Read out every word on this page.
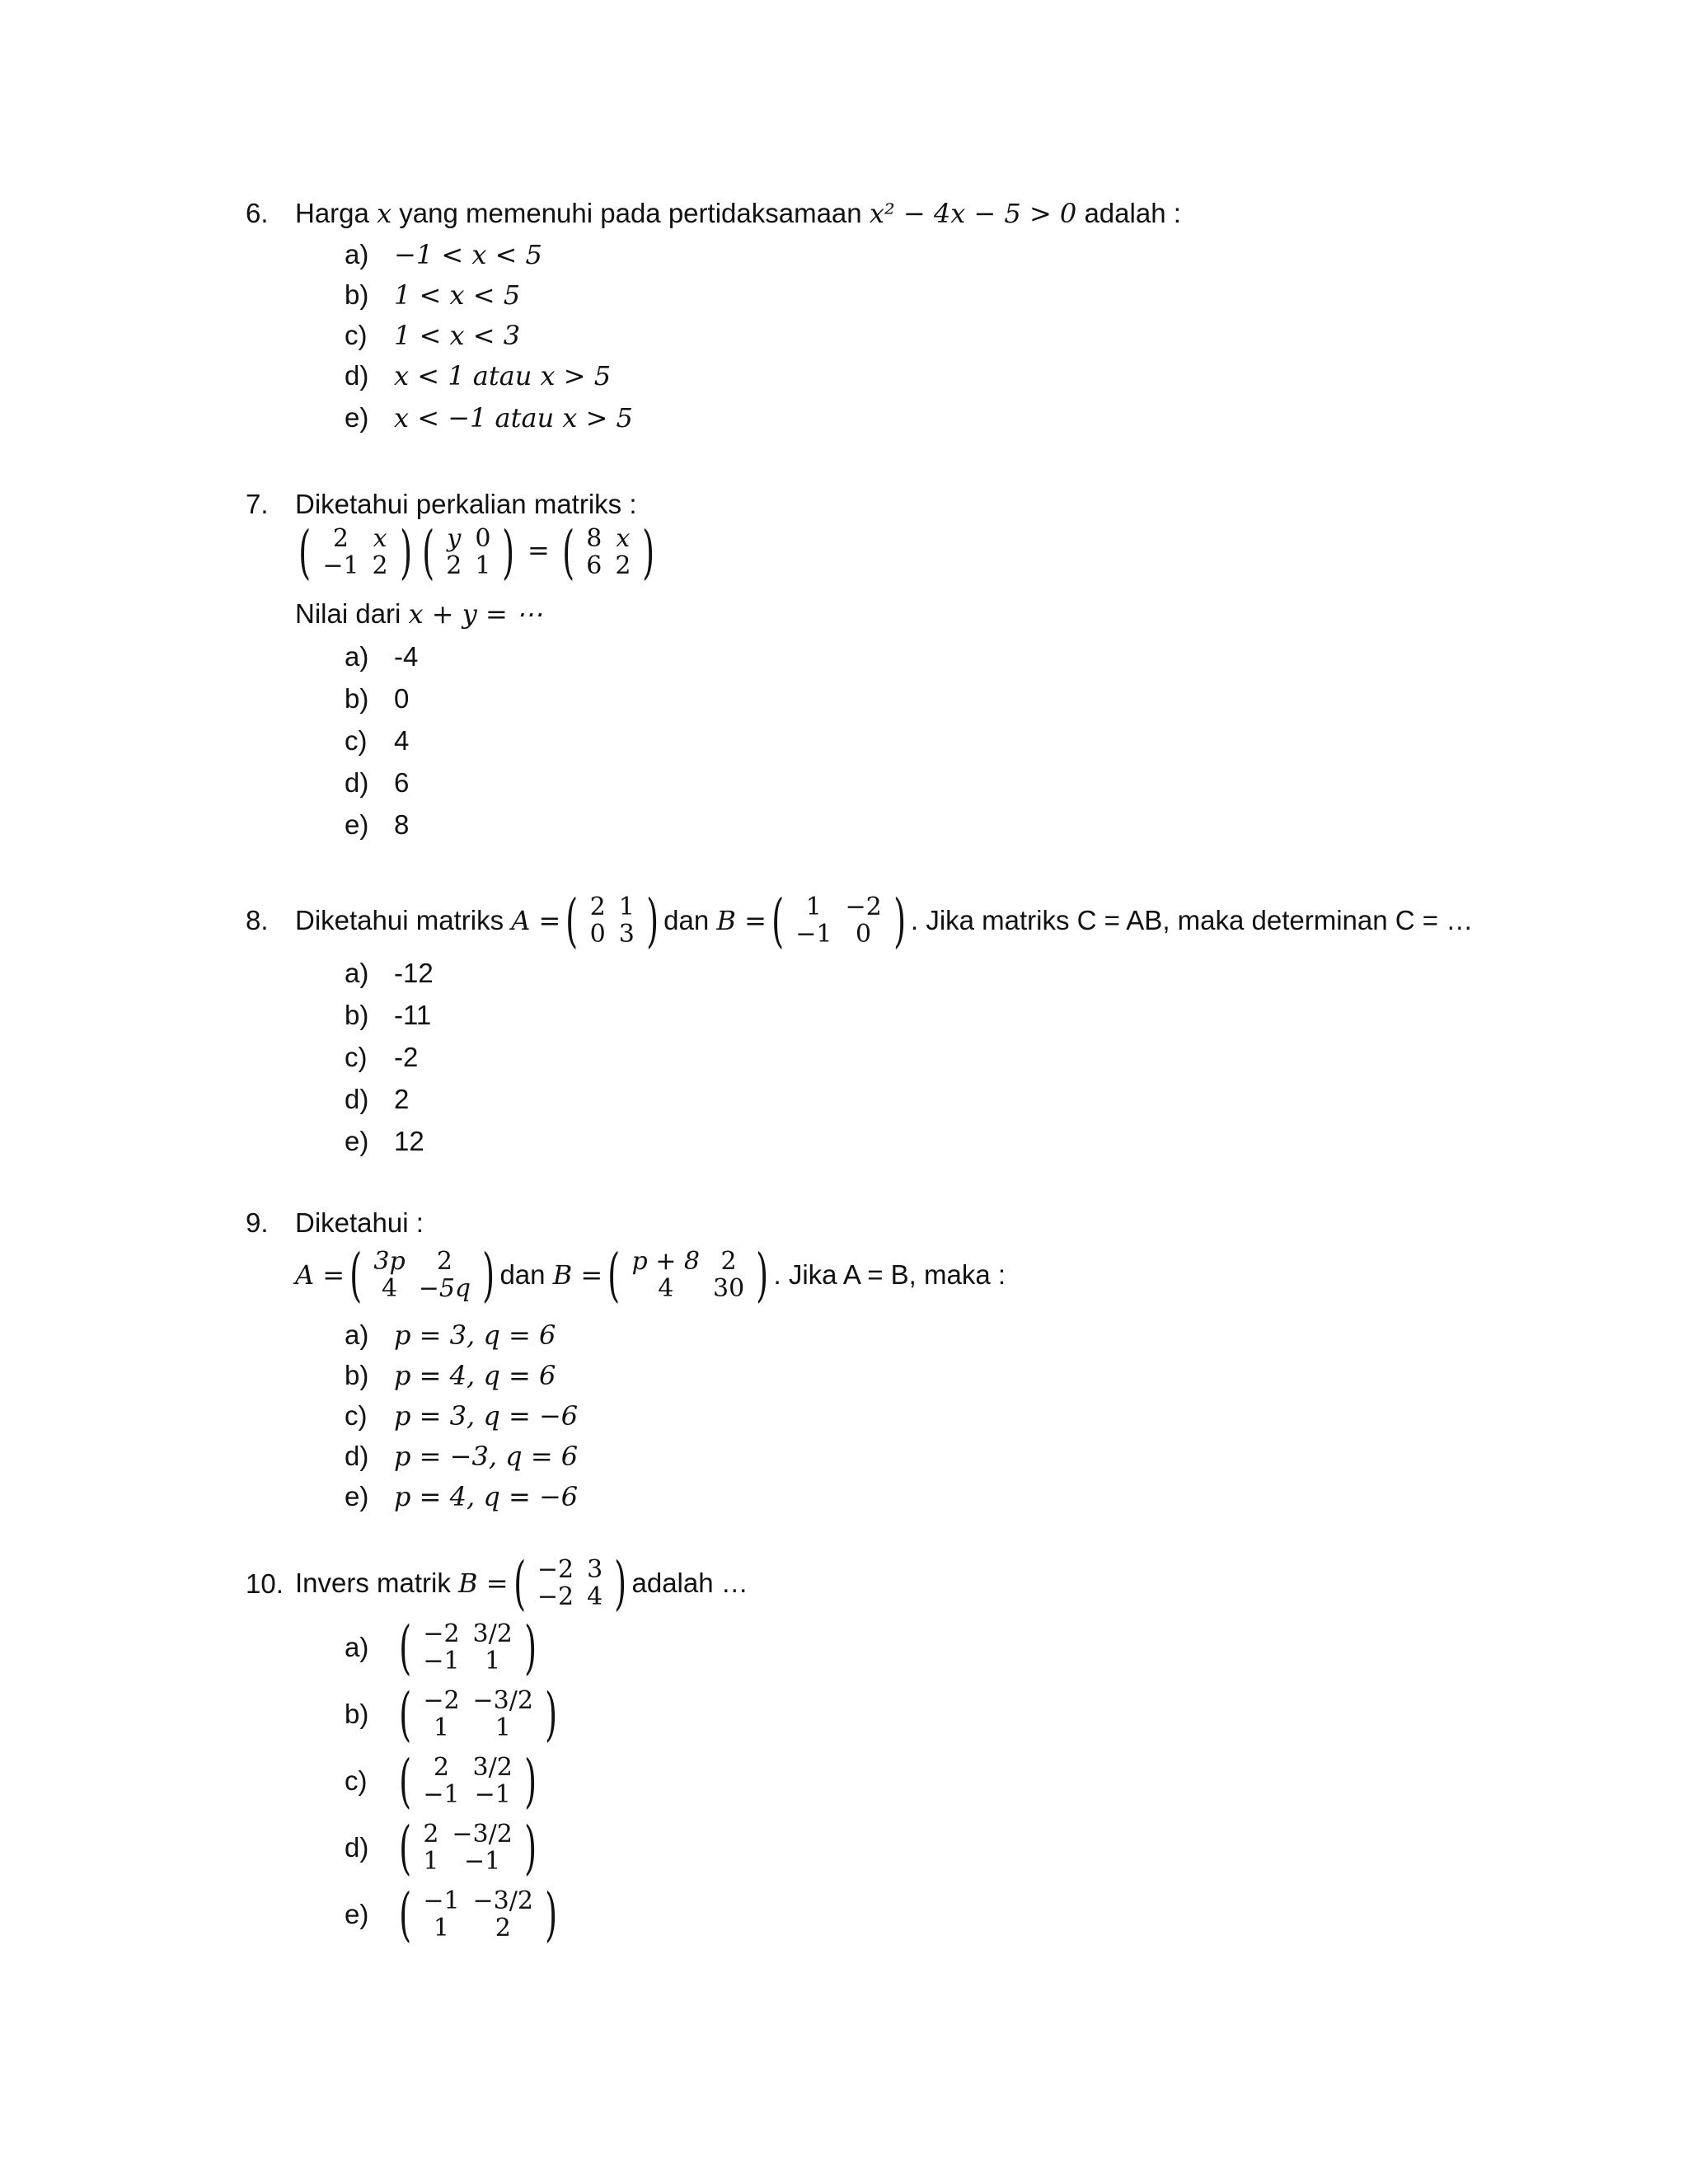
6. Harga x yang memenuhi pada pertidaksamaan x² − 4x − 5 > 0 adalah :
a) −1 < x < 5
b) 1 < x < 5
c) 1 < x < 3
d) x < 1 atau x > 5
e) x < −1 atau x > 5
7. Diketahui perkalian matriks :
( 2	x
−1	2 ) ( y	0
2	1 ) = ( 8	x
6	2 )
Nilai dari x + y = ⋯
a) -4
b) 0
c) 4
d) 6
e) 8
8. Diketahui matriks
A = ( 2	1
0	3 ) dan
B = ( 1	−2
−1	0 ) . Jika matriks C = AB, maka determinan C = …
a) -12
b) -11
c) -2
d) 2
e) 12
9. Diketahui :
A = ( 3p	2
4	−5q ) dan
B = ( p + 8	2
4	30 ) . Jika A = B, maka :
a) p = 3, q = 6
b) p = 4, q = 6
c) p = 3, q = −6
d) p = −3, q = 6
e) p = 4, q = −6
10. Invers matrik
B = ( −2	3
−2	4 ) adalah …
a) ( −2	3/2
−1	1 )
b) ( −2	−3/2
1	1 )
c) ( 2	3/2
−1	−1 )
d) ( 2	−3/2
1	−1 )
e) ( −1	−3/2
1	2 )
